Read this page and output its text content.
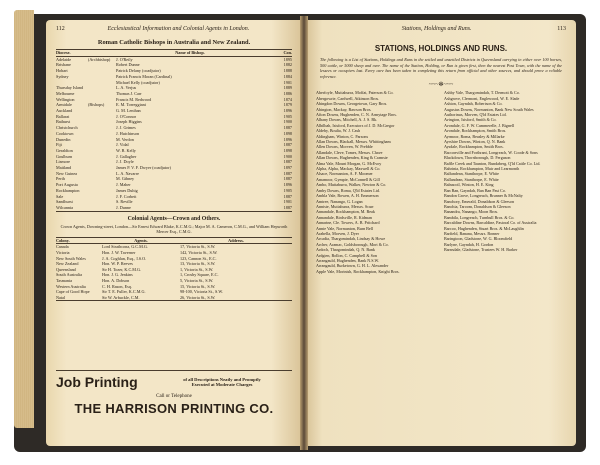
112	Ecclesiastical Information and Colonial Agents in London.
Roman Catholic Bishops in Australia and New Zealand.
Diocese.	Name of Bishop.	Con.
Adelaide	(Archbishop)	J. O'Reily	1895
Brisbane	Robert Dunne	1882
Hobart	Patrick Delany (coadjutor)	1888
Sydney	Patrick Francis Moran (Cardinal)	1884
Michael Kelly (coadjutor)	1901
Thursday Island	L. A. Verjus	1889
Melbourne	Thomas J. Carr	1886
Wellington	Francis M. Redwood	1874
Armidale	(Bishops)	E. M. Torreggiani	1879
Auckland	G. M. Lenihan	1896
Ballarat	J. O'Connor	1905
Bathurst	Joseph Higgins	1900
Christchurch	J. J. Grimes	1887
Cooktown	J. Hutchinson	1898
Dunedin	M. Verdon	1896
Fiji	J. Vidal	1887
Geraldton	W. B. Kelly	1898
Goulburn	J. Gallagher	1900
Lismore	J. J. Doyle	1887
Maitland	James P. V. F. Dwyer (coadjutor)	1897
New Guinea	L. A. Navarre	1887
Perth	M. Gibney	1887
Port Augusta	J. Maher	1896
Rockhampton	James Duhig	1905
Sale	J. F. Corbett	1887
Sandhurst	S. Reville	1901
Wilcannia	J. Dunne	1887
Colonial Agents—Crown and Others.
Crown Agents, Downing-street, London—Sir Ernest Edward Blake, K.C.M.G.; Major M. A. Cameron, C.M.G., and William Hepworth Mercer Esq., C.M.G.
Colony.	Agents.	Address.
Canada	Lord Strathcona, G.C.M.G.	17, Victoria St., S.W.
Victoria	Hon. J. W. Taverner	142, Victoria St., S.W.
New South Wales	J. A. Coghlan, Esq., I.S.O.	123, Cannon St., E.C.
New Zealand	Hon. W. P. Reeves	13, Victoria St., S.W.
Queensland	Sir H. Tozer, K.C.M.G.	1, Victoria St., S.W.
South Australia	Hon. J. G. Jenkins	1, Crosby Square, E.C.
Tasmania	Hon. A. Dobson	5, Victoria St., S.W.
Western Australia	C. H. Rason, Esq.	15, Victoria St., S.W.
Cape of Good Hope	Sir T. E. Fuller, K.C.M.G.	98-100, Victoria St., S.W.
Natal	Sir W. Arbuckle, C.M.	26, Victoria St., S.W.
Job Printing	of all Descriptions Neatly and Promptly
Executed at Moderate Charges
Call or Telephone
THE HARRISON PRINTING CO.
Stations, Holdings and Runs.	113
STATIONS, HOLDINGS AND RUNS.
The following is a List of Stations, Holdings and Runs in the settled and unsettled Districts in Queensland carrying in either over 100 horses, 500 cattle, or 5000 sheep and over. The name of the Station, Holding, or Run is given first, then the nearest Post Town, with the name of the lessees or occupiers last. Every care has been taken in completing this return from official and other sources, and should prove a reliable reference.
~~~✻~~~
Aberfoyle, Muttaburra, Moffat, Paterson & Co.
Abergowrie, Cardwell, Atkinson Bros.
Abingdon Downs, Georgetown, Gary Bros.
Abington, Mackay, Bawson Bros.
Afton Downs, Hughenden, C. N. Armytage Bros.
Albany Downs, Mitchell, A. J. S. Bk.
Albilbah, Isisford, Executors of J. D. McGregor
Aldeby, Boulia, W. J. Cash
Aldingham, Winton, C. Parsons
Allan Downs, Blackall, Messrs. Whittingham
Allen Downs, Morven, W. Prebble
Allandale, Cleve, Tomes, Messrs. Chave
Allan Downs, Hughenden, King & Cramsie
Alma Vale, Mount Morgan, G. McEvoy
Alpha, Alpha, Mackay, Maxwell & Co.
Alsace, Normanton, A. F. Moomer
Amamoor, Gympie, McConnell & Gill
Ambo, Muttaburra, Walker, Newton & Co.
Amby Downs, Roma, Q'ld Estates Ltd.
Ambla Vale, Bowen, A. H. Emmerson
Amtree, Nanango, G. Logan
Anniste, Muttaburra, Messrs. Scurr
Annandale, Rockhampton, M. Beak
Annandale, Birdsville, R. Kidman
Annarine, Cle. Towers, A. B. Pritchard
Annie Vale, Normanton, Burn Bell
Arabella, Morven, J. Dyer
Arcadia, Thargomindah, Lindsay & Howe
Archer, Aramac, Goldsborough, Mort & Co.
Ardoch, Thargomindah, Q. N. Bank
Ardgien, Bollon, C. Campbell & Son
Arrangauld, Hughenden, Bank N.S.W.
Arrangauld, Burketown, G. H. L. Alexander
Apple Vale, Morinish, Rockhampton, Knight Bros.
Ashby Vale, Thargomindah, T. Dermott & Co.
Ashgrove, Clermont, Englewood, W. E. Slade
Ashton, Gayndah, Robertson & Co.
Augustus Downs, Normanton, Bank New South Wales
Authorinus, Morven, Q'ld Estates Ltd.
Avington, Isisford, Smith & Co.
Avondale, G. F. W. Cummerelle, J. Bignell
Avondale, Rockhampton, Smith Bros.
Ayrmoor, Roma, Beasley & Millarke
Ayrshire Downs, Winton, Q. N. Bank
Aysdale, Rockhampton, Smith Bros.
Bacconville and Forthrant, Longreach, W. Coode & Sons
Blackdown, Thornborough, D. Ferguson
Baffle Creek and Taunton, Bundaberg, Q'ld Cattle Co. Ltd.
Bahrinia, Rockhampton, Muir and Learmonth
Balfandean, Stanthorpe, E. White
Ballandean, Stanthorpe, E. White
Balnacoil, Winton, H. E. King
Ban Ban, Gayndah, Ban Ban Past Co.
Bandon Grove, Longreach, Brunner & McNalty
Banchory, Emerald, Donaldson & Gleeson
Banchia, Taroom, Donaldson & Gleeson
Banandra, Nanango, Moon Bros.
Bambila, Longreach, Turnbull Bros. & Co.
Barcaldine Downs, Barcaldine, Pastoral Co. of Australia
Barcoo, Hughenden, Stuart Bros. & McLaughlin
Barfield, Banana, Messrs. Bonner
Baringtoon, Gladstone, W. G. Bloomfield
Barlyne, Gayndah, H. Gordon
Barnsdale, Gladstone, Trustees W. H. Barker
